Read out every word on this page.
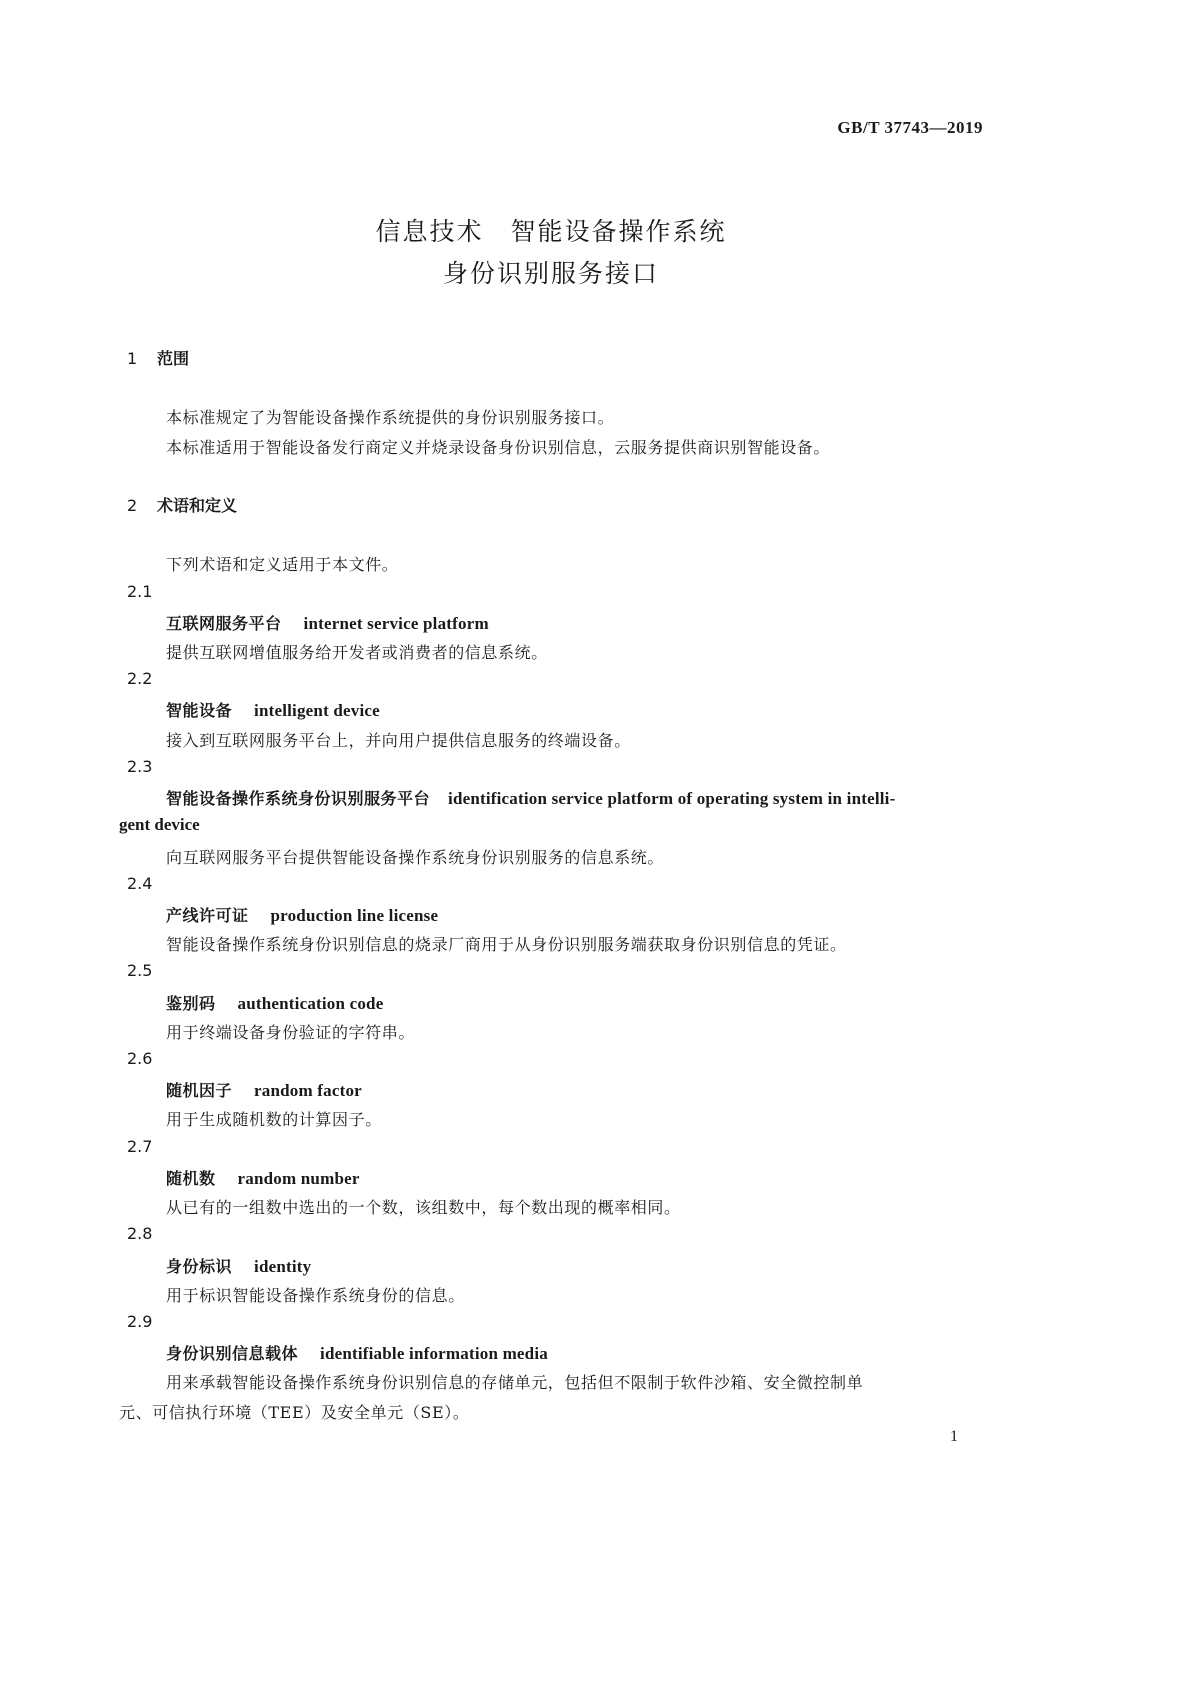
GB/T 37743—2019
信息技术　智能设备操作系统
身份识别服务接口
1 范围
本标准规定了为智能设备操作系统提供的身份识别服务接口。
本标准适用于智能设备发行商定义并烧录设备身份识别信息，云服务提供商识别智能设备。
2 术语和定义
下列术语和定义适用于本文件。
2.1
互联网服务平台 internet service platform
提供互联网增值服务给开发者或消费者的信息系统。
2.2
智能设备 intelligent device
接入到互联网服务平台上，并向用户提供信息服务的终端设备。
2.3
智能设备操作系统身份识别服务平台 identification service platform of operating system in intelli-
gent device
向互联网服务平台提供智能设备操作系统身份识别服务的信息系统。
2.4
产线许可证 production line license
智能设备操作系统身份识别信息的烧录厂商用于从身份识别服务端获取身份识别信息的凭证。
2.5
鉴别码 authentication code
用于终端设备身份验证的字符串。
2.6
随机因子 random factor
用于生成随机数的计算因子。
2.7
随机数 random number
从已有的一组数中选出的一个数，该组数中，每个数出现的概率相同。
2.8
身份标识 identity
用于标识智能设备操作系统身份的信息。
2.9
身份识别信息载体 identifiable information media
用来承载智能设备操作系统身份识别信息的存储单元，包括但不限制于软件沙箱、安全微控制单
元、可信执行环境（TEE）及安全单元（SE）。
1
